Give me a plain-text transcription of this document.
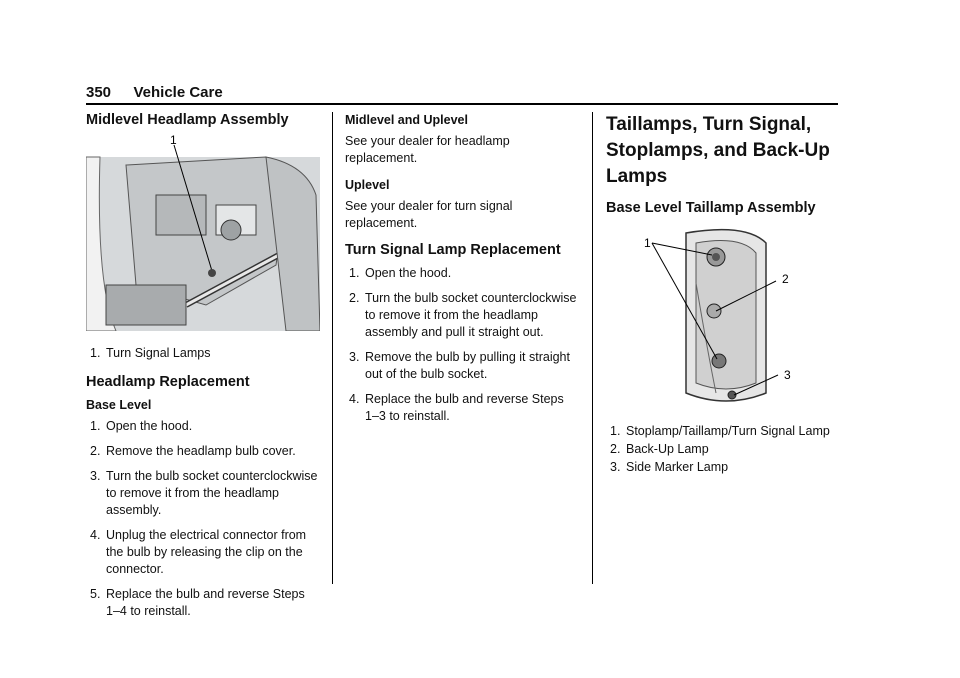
350 Vehicle Care
Midlevel Headlamp Assembly
1
1. Turn Signal Lamps
Headlamp Replacement
Base Level
1. Open the hood.
2. Remove the headlamp bulb cover.
3. Turn the bulb socket counterclockwise to remove it from the headlamp assembly.
4. Unplug the electrical connector from the bulb by releasing the clip on the connector.
5. Replace the bulb and reverse Steps 1–4 to reinstall.
Midlevel and Uplevel

See your dealer for headlamp replacement.

Uplevel

See your dealer for turn signal replacement.

Turn Signal Lamp Replacement
1. Open the hood.
2. Turn the bulb socket counterclockwise to remove it from the headlamp assembly and pull it straight out.
3. Remove the bulb by pulling it straight out of the bulb socket.
4. Replace the bulb and reverse Steps 1–3 to reinstall.
Taillamps, Turn Signal, Stoplamps, and Back-Up Lamps
Base Level Taillamp Assembly
1
2
3
1. Stoplamp/Taillamp/Turn Signal Lamp
2. Back-Up Lamp
3. Side Marker Lamp
